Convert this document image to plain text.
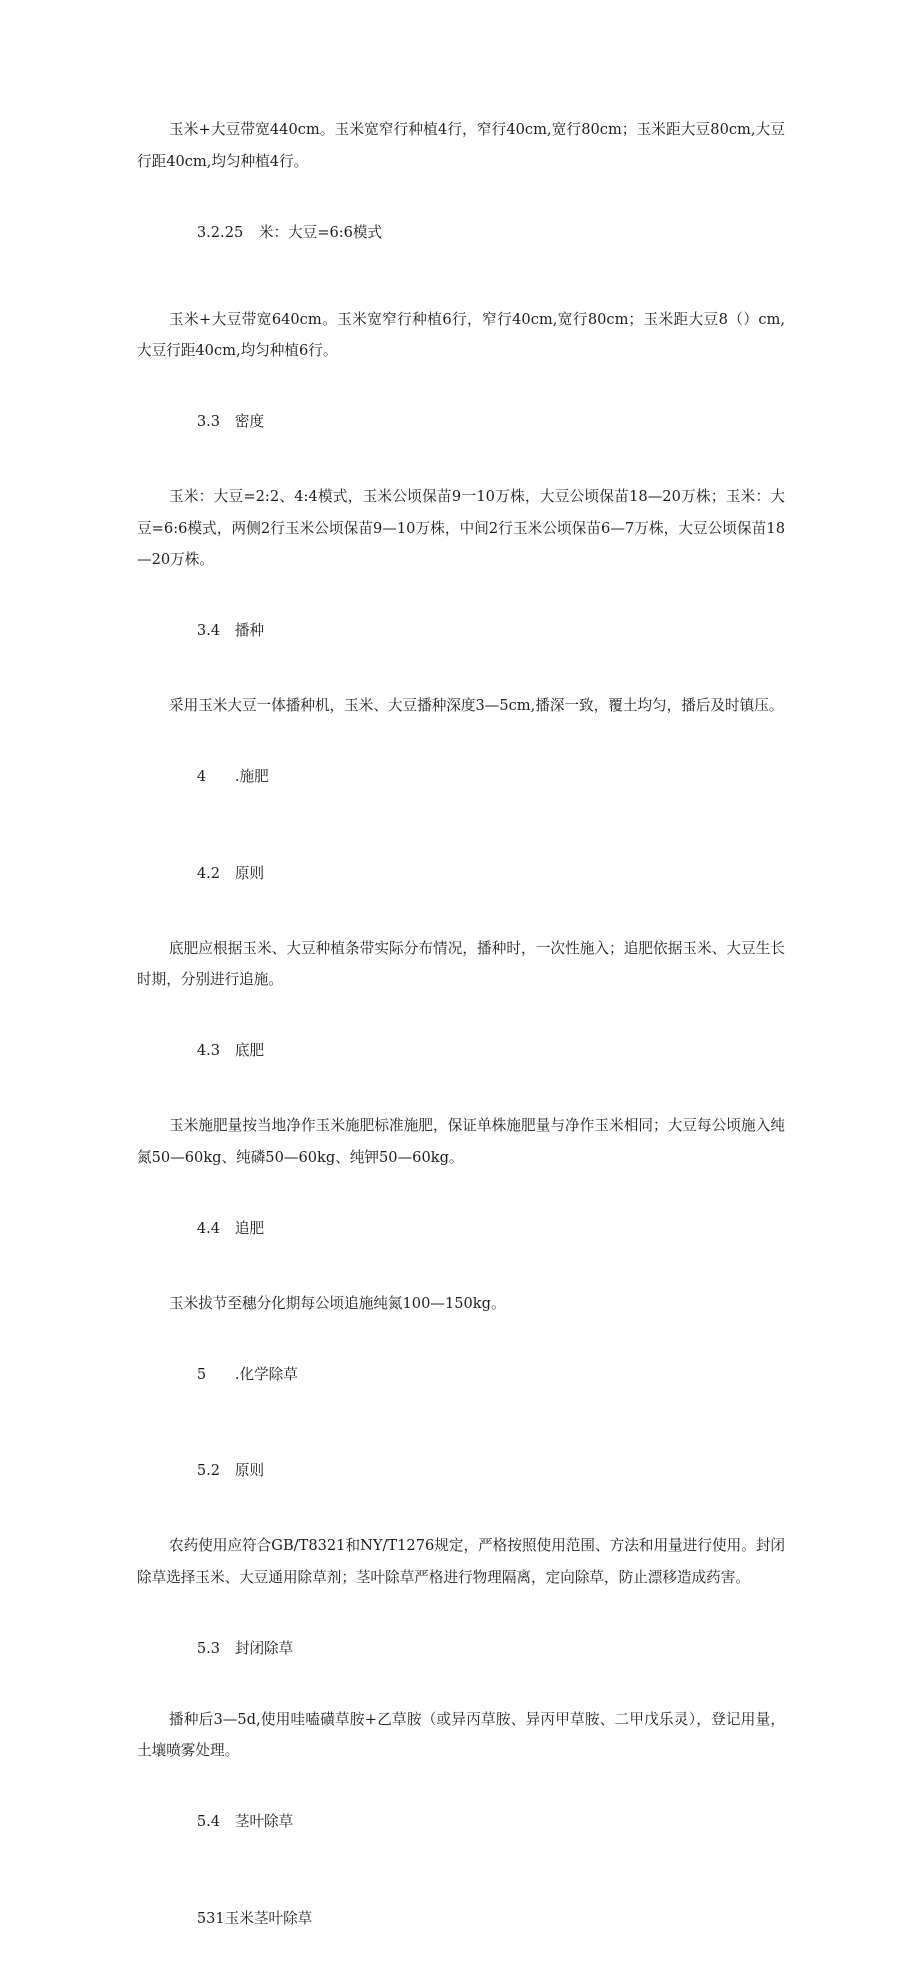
玉米+大豆带宽440cm。玉米宽窄行种植4行，窄行40cm,宽行80cm；玉米距大豆80cm,大豆行距40cm,均匀种植4行。

3.2.25 米：大豆=6:6模式

玉米+大豆带宽640cm。玉米宽窄行种植6行，窄行40cm,宽行80cm；玉米距大豆8（）cm,大豆行距40cm,均匀种植6行。

3.3 密度

玉米：大豆=2:2、4:4模式，玉米公顷保苗9一10万株，大豆公顷保苗18—20万株；玉米：大豆=6:6模式，两侧2行玉米公顷保苗9—10万株，中间2行玉米公顷保苗6—7万株，大豆公顷保苗18—20万株。

3.4 播种

采用玉米大豆一体播种机，玉米、大豆播种深度3—5cm,播深一致，覆土均匀，播后及时镇压。

4 .施肥

4.2 原则

底肥应根据玉米、大豆种植条带实际分布情况，播种时，一次性施入；追肥依据玉米、大豆生长时期，分别进行追施。

4.3 底肥

玉米施肥量按当地净作玉米施肥标准施肥，保证单株施肥量与净作玉米相同；大豆每公顷施入纯氮50—60kg、纯磷50—60kg、纯钾50—60kg。

4.4 追肥

玉米拔节至穗分化期每公顷追施纯氮100—150kg。

5 .化学除草

5.2 原则

农药使用应符合GB/T8321和NY/T1276规定，严格按照使用范围、方法和用量进行使用。封闭除草选择玉米、大豆通用除草剂；茎叶除草严格进行物理隔离，定向除草，防止漂移造成药害。

5.3 封闭除草

播种后3—5d,使用哇嗑磺草胺+乙草胺（或异丙草胺、异丙甲草胺、二甲戊乐灵），登记用量，土壤喷雾处理。

5.4 茎叶除草

531玉米茎叶除草
